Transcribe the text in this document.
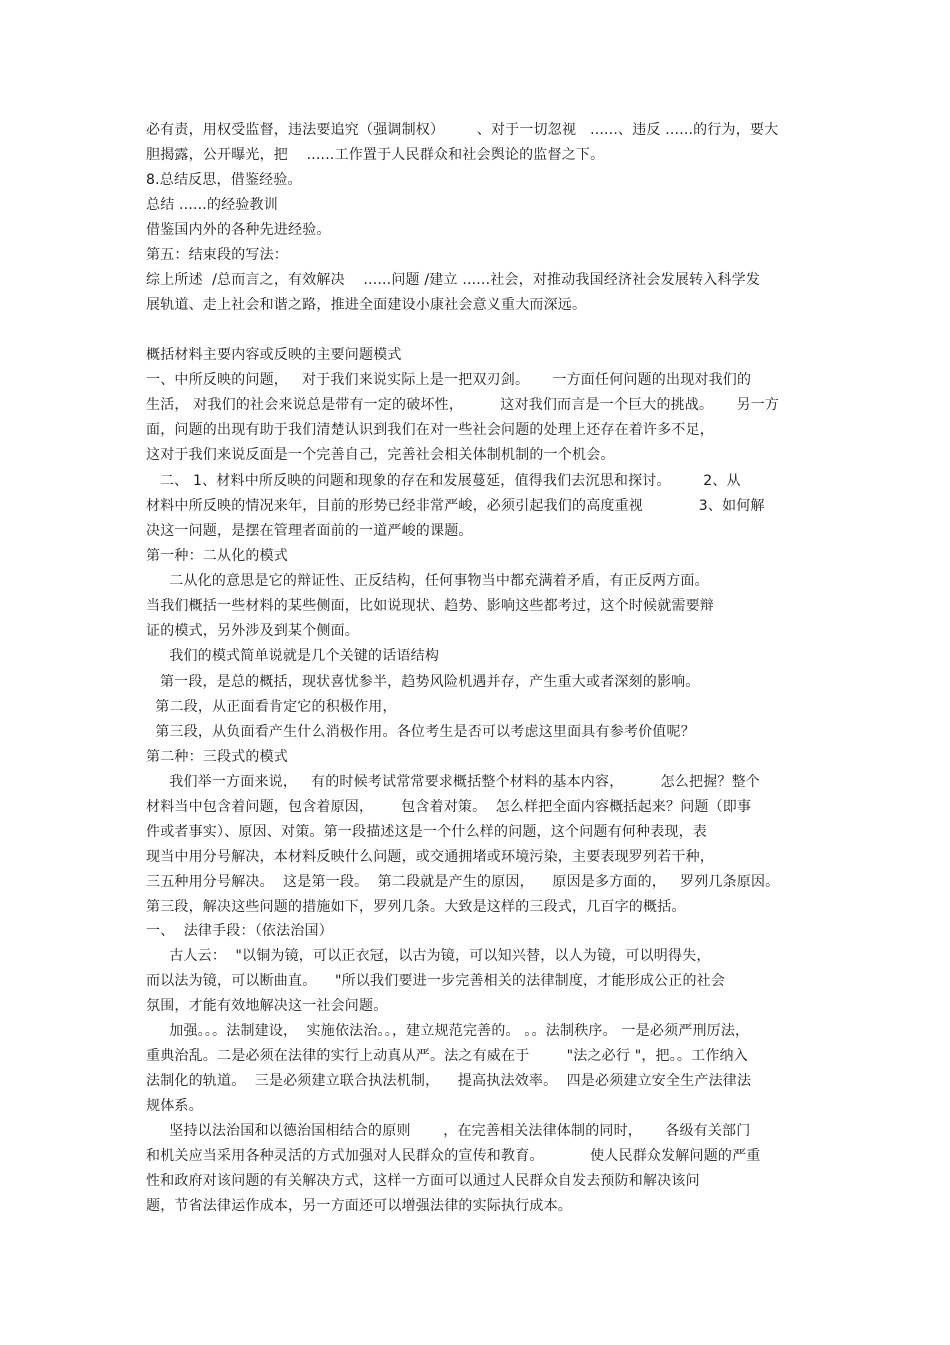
必有责，用权受监督，违法要追究（强调制权）       、对于一切忽视   ......、违反 ......的行为，要大
胆揭露，公开曝光，把    ......工作置于人民群众和社会舆论的监督之下。
8.总结反思，借鉴经验。
总结 ......的经验教训
借鉴国内外的各种先进经验。
第五：结束段的写法：
综上所述  /总而言之，有效解决    ......问题 /建立 ......社会，对推动我国经济社会发展转入科学发
展轨道、走上社会和谐之路，推进全面建设小康社会意义重大而深远。
概括材料主要内容或反映的主要问题模式
一、中所反映的问题，   对于我们来说实际上是一把双刃剑。     一方面任何问题的出现对我们的
生活， 对我们的社会来说总是带有一定的破坏性，        这对我们而言是一个巨大的挑战。     另一方
面，问题的出现有助于我们清楚认识到我们在对一些社会问题的处理上还存在着许多不足，
这对于我们来说反面是一个完善自己，完善社会相关体制机制的一个机会。
二、 1、材料中所反映的问题和现象的存在和发展蔓延，值得我们去沉思和探讨。       2、从
材料中所反映的情况来年，目前的形势已经非常严峻，必须引起我们的高度重视            3、如何解
决这一问题，是摆在管理者面前的一道严峻的课题。
第一种：二从化的模式
二从化的意思是它的辩证性、正反结构，任何事物当中都充满着矛盾，有正反两方面。
当我们概括一些材料的某些侧面，比如说现状、趋势、影响这些都考过，这个时候就需要辩
证的模式，另外涉及到某个侧面。
我们的模式简单说就是几个关键的话语结构
第一段，是总的概括，现状喜忧参半，趋势风险机遇并存，产生重大或者深刻的影响。
第二段，从正面看肯定它的积极作用，
第三段，从负面看产生什么消极作用。各位考生是否可以考虑这里面具有参考价值呢？
第二种：三段式的模式
我们举一方面来说，   有的时候考试常常要求概括整个材料的基本内容，        怎么把握？整个
材料当中包含着问题，包含着原因，      包含着对策。  怎么样把全面内容概括起来？问题（即事
件或者事实）、原因、对策。第一段描述这是一个什么样的问题，这个问题有何种表现，表
现当中用分号解决，本材料反映什么问题，或交通拥堵或环境污染，主要表现罗列若干种，
三五种用分号解决。  这是第一段。  第二段就是产生的原因，    原因是多方面的，   罗列几条原因。
第三段，解决这些问题的措施如下，罗列几条。大致是这样的三段式，几百字的概括。
一、  法律手段：（依法治国）
古人云：  "以铜为镜，可以正衣冠，以古为镜，可以知兴替，以人为镜，可以明得失，
而以法为镜，可以断曲直。    "所以我们要进一步完善相关的法律制度，才能形成公正的社会
氛围，才能有效地解决这一社会问题。
加强。。。法制建设，  实施依法治。。，建立规范完善的。 。。法制秩序。 一是必须严刑厉法，
重典治乱。二是必须在法律的实行上动真从严。法之有威在于        "法之必行 "，把。。工作纳入
法制化的轨道。  三是必须建立联合执法机制，    提高执法效率。  四是必须建立安全生产法律法
规体系。
坚持以法治国和以德治国相结合的原则       ，在完善相关法律体制的同时，     各级有关部门
和机关应当采用各种灵活的方式加强对人民群众的宣传和教育。          使人民群众发解问题的严重
性和政府对该问题的有关解决方式，这样一方面可以通过人民群众自发去预防和解决该问
题，节省法律运作成本，另一方面还可以增强法律的实际执行成本。
